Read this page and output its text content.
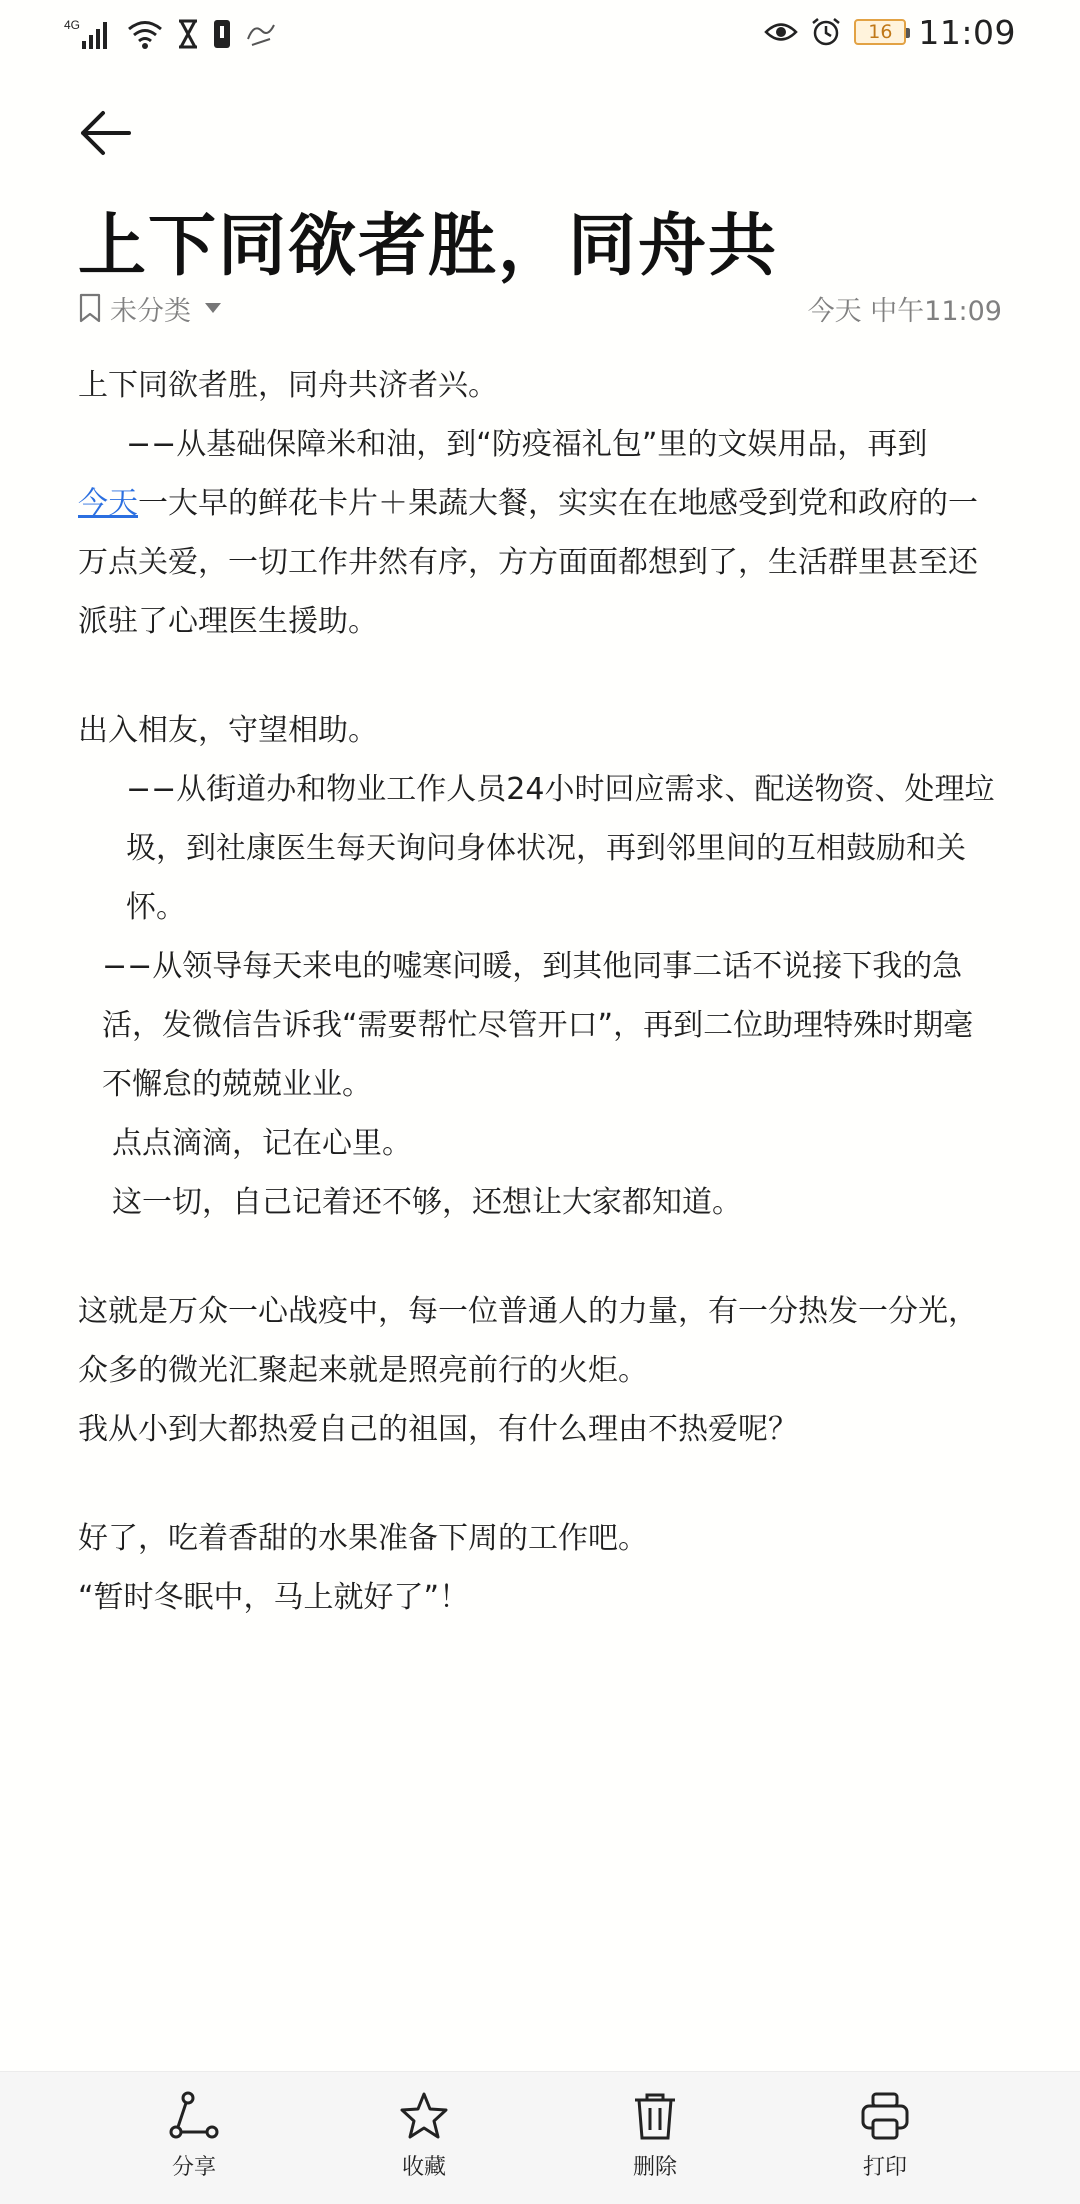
4G	16 11:09
上下同欲者胜，同舟共
未分类	今天 中午11:09

上下同欲者胜，同舟共济者兴。

−−从基础保障米和油，到“防疫福礼包”里的文娱用品，再到

今天一大早的鲜花卡片＋果蔬大餐，实实在在地感受到党和政府的一万点关爱，一切工作井然有序，方方面面都想到了，生活群里甚至还派驻了心理医生援助。

出入相友，守望相助。

−−从街道办和物业工作人员24小时回应需求、配送物资、处理垃圾，到社康医生每天询问身体状况，再到邻里间的互相鼓励和关怀。

−−从领导每天来电的嘘寒问暖，到其他同事二话不说接下我的急活，发微信告诉我“需要帮忙尽管开口”，再到二位助理特殊时期毫不懈怠的兢兢业业。

点点滴滴，记在心里。

这一切，自己记着还不够，还想让大家都知道。

这就是万众一心战疫中，每一位普通人的力量，有一分热发一分光，众多的微光汇聚起来就是照亮前行的火炬。

我从小到大都热爱自己的祖国，有什么理由不热爱呢？

好了，吃着香甜的水果准备下周的工作吧。

“暂时冬眠中，马上就好了”！

分享	收藏	删除	打印
